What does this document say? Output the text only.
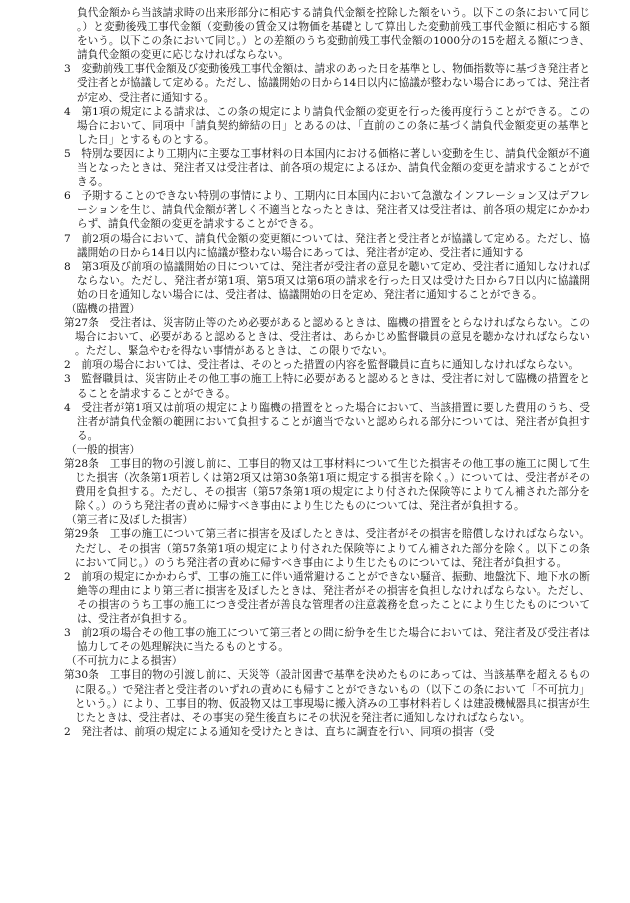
負代金額から当該請求時の出来形部分に相応する請負代金額を控除した額をいう。以下この条において同じ。）と変動後残工事代金額（変動後の賃金又は物価を基礎として算出した変動前残工事代金額に相応する額をいう。以下この条において同じ。）との差額のうち変動前残工事代金額の1000分の15を超える額につき、請負代金額の変更に応じなければならない。

3　変動前残工事代金額及び変動後残工事代金額は、請求のあった日を基準とし、物価指数等に基づき発注者と受注者とが協議して定める。ただし、協議開始の日から14日以内に協議が整わない場合にあっては、発注者が定め、受注者に通知する。

4　第1項の規定による請求は、この条の規定により請負代金額の変更を行った後再度行うことができる。この場合において、同項中「請負契約締結の日」とあるのは、「直前のこの条に基づく請負代金額変更の基準とした日」とするものとする。

5　特別な要因により工期内に主要な工事材料の日本国内における価格に著しい変動を生じ、請負代金額が不適当となったときは、発注者又は受注者は、前各項の規定によるほか、請負代金額の変更を請求することができる。

6　予期することのできない特別の事情により、工期内に日本国内において急激なインフレーション又はデフレーションを生じ、請負代金額が著しく不適当となったときは、発注者又は受注者は、前各項の規定にかかわらず、請負代金額の変更を請求することができる。

7　前2項の場合において、請負代金額の変更額については、発注者と受注者とが協議して定める。ただし、協議開始の日から14日以内に協議が整わない場合にあっては、発注者が定め、受注者に通知する

8　第3項及び前項の協議開始の日については、発注者が受注者の意見を聴いて定め、受注者に通知しなければならない。ただし、発注者が第1項、第5項又は第6項の請求を行った日又は受けた日から7日以内に協議開始の日を通知しない場合には、受注者は、協議開始の日を定め、発注者に通知することができる。

（臨機の措置）

第27条　受注者は、災害防止等のため必要があると認めるときは、臨機の措置をとらなければならない。この場合において、必要があると認めるときは、受注者は、あらかじめ監督職員の意見を聴かなければならない。ただし、緊急やむを得ない事情があるときは、この限りでない。

2　前項の場合においては、受注者は、そのとった措置の内容を監督職員に直ちに通知しなければならない。

3　監督職員は、災害防止その他工事の施工上特に必要があると認めるときは、受注者に対して臨機の措置をとることを請求することができる。

4　受注者が第1項又は前項の規定により臨機の措置をとった場合において、当該措置に要した費用のうち、受注者が請負代金額の範囲において負担することが適当でないと認められる部分については、発注者が負担する。

（一般的損害）

第28条　工事目的物の引渡し前に、工事目的物又は工事材料について生じた損害その他工事の施工に関して生じた損害（次条第1項若しくは第2項又は第30条第1項に規定する損害を除く。）については、受注者がその費用を負担する。ただし、その損害（第57条第1項の規定により付された保険等によりてん補された部分を除く。）のうち発注者の責めに帰すべき事由により生じたものについては、発注者が負担する。

（第三者に及ぼした損害）

第29条　工事の施工について第三者に損害を及ぼしたときは、受注者がその損害を賠償しなければならない。ただし、その損害（第57条第1項の規定により付された保険等によりてん補された部分を除く。以下この条において同じ。）のうち発注者の責めに帰すべき事由により生じたものについては、発注者が負担する。

2　前項の規定にかかわらず、工事の施工に伴い通常避けることができない騒音、振動、地盤沈下、地下水の断絶等の理由により第三者に損害を及ぼしたときは、発注者がその損害を負担しなければならない。ただし、その損害のうち工事の施工につき受注者が善良な管理者の注意義務を怠ったことにより生じたものについては、受注者が負担する。

3　前2項の場合その他工事の施工について第三者との間に紛争を生じた場合においては、発注者及び受注者は協力してその処理解決に当たるものとする。

（不可抗力による損害）

第30条　工事目的物の引渡し前に、天災等（設計図書で基準を決めたものにあっては、当該基準を超えるものに限る。）で発注者と受注者のいずれの責めにも帰すことができないもの（以下この条において「不可抗力」という。）により、工事目的物、仮設物又は工事現場に搬入済みの工事材料若しくは建設機械器具に損害が生じたときは、受注者は、その事実の発生後直ちにその状況を発注者に通知しなければならない。

2　発注者は、前項の規定による通知を受けたときは、直ちに調査を行い、同項の損害（受
